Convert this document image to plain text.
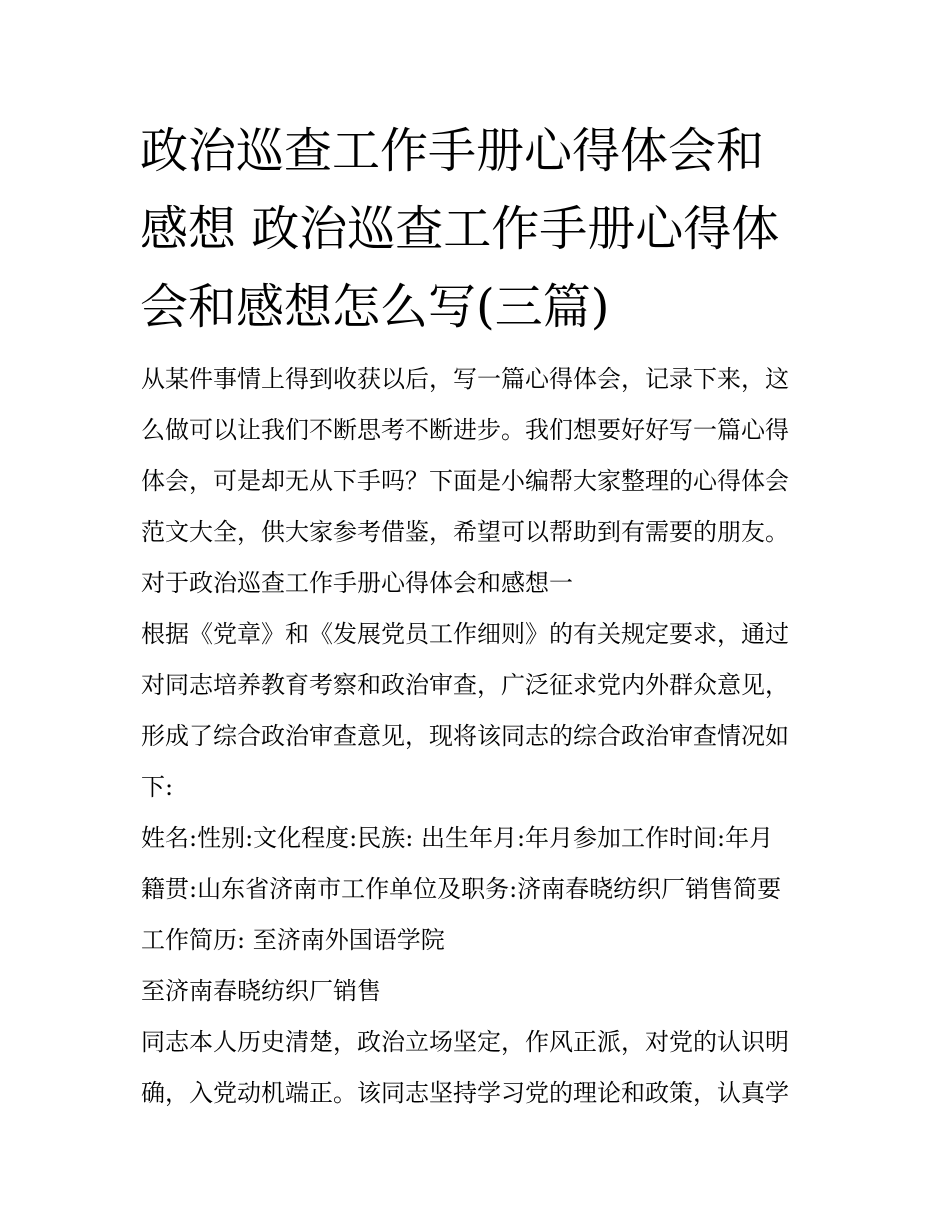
政治巡查工作手册心得体会和
感想 政治巡查工作手册心得体
会和感想怎么写(三篇)

从某件事情上得到收获以后，写一篇心得体会，记录下来，这

么做可以让我们不断思考不断进步。我们想要好好写一篇心得

体会，可是却无从下手吗？下面是小编帮大家整理的心得体会

范文大全，供大家参考借鉴，希望可以帮助到有需要的朋友。

对于政治巡查工作手册心得体会和感想一

根据《党章》和《发展党员工作细则》的有关规定要求，通过

对同志培养教育考察和政治审查，广泛征求党内外群众意见，

形成了综合政治审查意见，现将该同志的综合政治审查情况如

下:

姓名:性别:文化程度:民族: 出生年月:年月参加工作时间:年月

籍贯:山东省济南市工作单位及职务:济南春晓纺织厂销售简要

工作简历: 至济南外国语学院

至济南春晓纺织厂销售

同志本人历史清楚，政治立场坚定，作风正派，对党的认识明

确，入党动机端正。该同志坚持学习党的理论和政策，认真学
